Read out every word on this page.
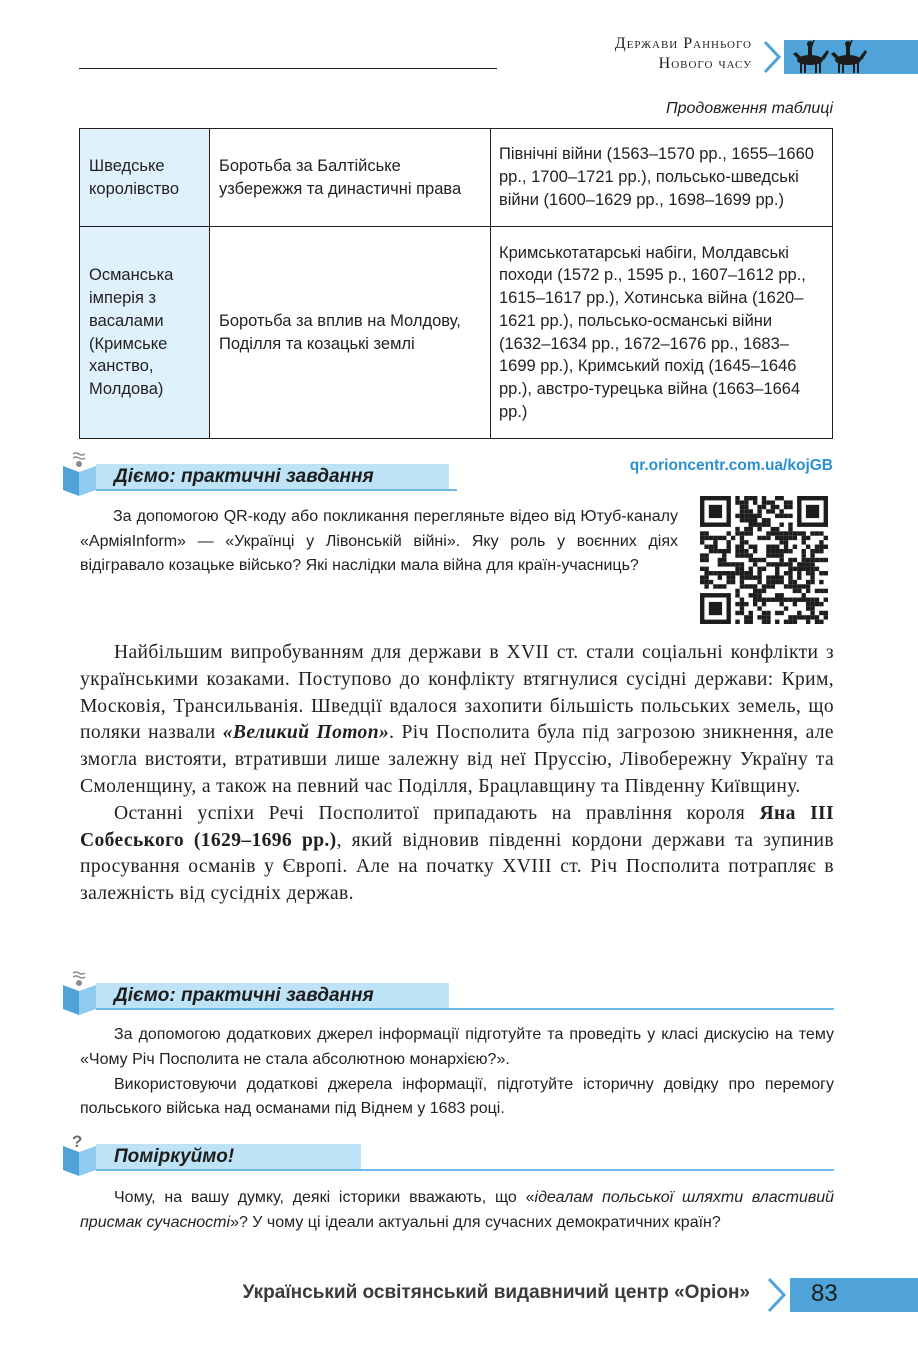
Держави Раннього
Нового часу
Продовження таблиці
Шведське королівство	Боротьба за Балтійське узбережжя та династичні права	Північні війни (1563–1570 рр., 1655–1660 рр., 1700–1721 рр.), польсько-шведські війни (1600–1629 рр., 1698–1699 рр.)
Османська імперія з васалами (Кримське ханство, Молдова)	Боротьба за вплив на Молдову, Поділля та козацькі землі	Кримськотатарські набіги, Молдавські походи (1572 р., 1595 р., 1607–1612 рр., 1615–1617 рр.), Хотинська війна (1620–1621 рр.), польсько-османські війни (1632–1634 рр., 1672–1676 рр., 1683–1699 рр.), Кримський похід (1645–1646 рр.), австро-турецька війна (1663–1664 рр.)
Діємо: практичні завдання
qr.orioncentr.com.ua/kojGB
За допомогою QR-коду або покликання перегляньте відео від Ютуб-каналу «АрміяInform» — «Українці у Лівонській війні». Яку роль у воєнних діях відігравало козацьке військо? Які наслідки мала війна для країн-учасниць?

Найбільшим випробуванням для держави в XVII ст. стали соціальні конфлікти з українськими козаками. Поступово до конфлікту втягнулися сусідні держави: Крим, Московія, Трансильванія. Шведції вдалося захопити більшість польських земель, що поляки назвали «Великий Потоп». Річ Посполита була під загрозою зникнення, але змогла вистояти, втративши лише залежну від неї Пруссію, Лівобережну Україну та Смоленщину, а також на певний час Поділля, Брацлавщину та Південну Київщину.

Останні успіхи Речі Посполитої припадають на правління короля Яна III Собеського (1629–1696 рр.), який відновив південні кордони держави та зупинив просування османів у Європі. Але на початку XVIII ст. Річ Посполита потрапляє в залежність від сусідніх держав.

Діємо: практичні завдання

За допомогою додаткових джерел інформації підготуйте та проведіть у класі дискусію на тему «Чому Річ Посполита не стала абсолютною монархією?».

Використовуючи додаткові джерела інформації, підготуйте історичну довідку про перемогу польського війська над османами під Віднем у 1683 році.

?
Поміркуймо!

Чому, на вашу думку, деякі історики вважають, що «ідеалам польської шляхти властивий присмак сучасності»? У чому ці ідеали актуальні для сучасних демократичних країн?

Український освітянський видавничий центр «Оріон»	83
